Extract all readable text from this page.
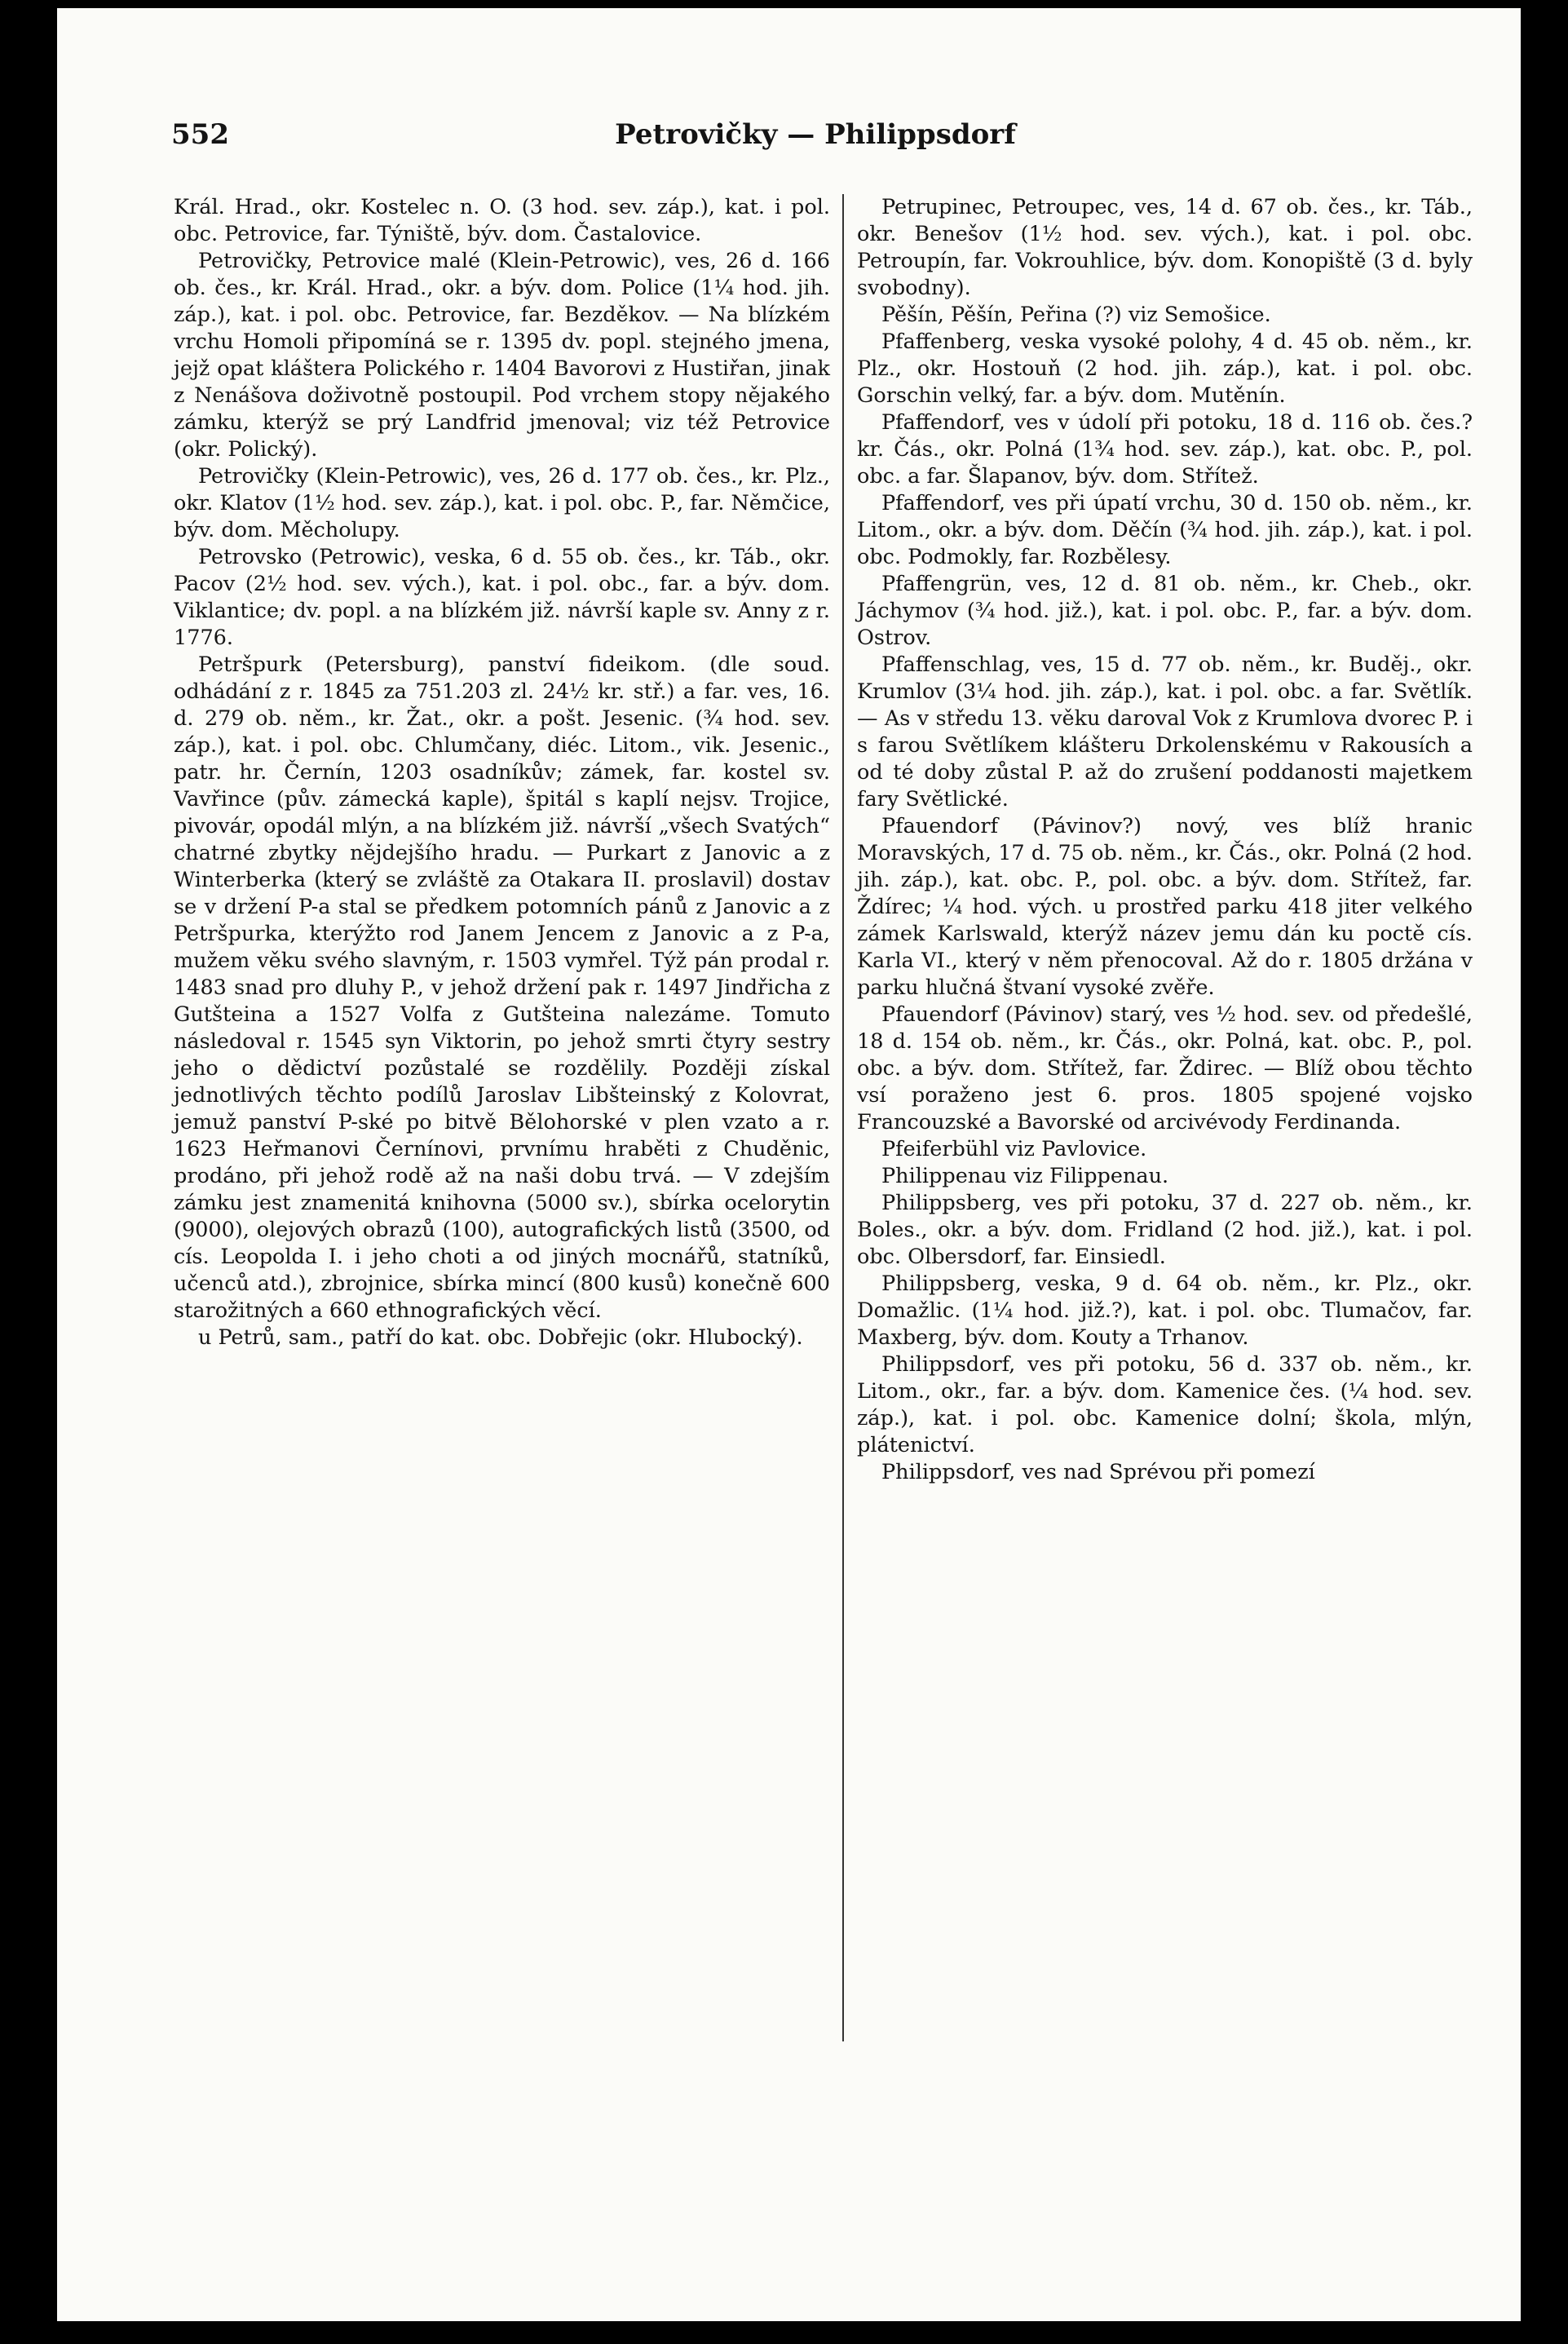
552	Petrovičky — Philippsdorf

Král. Hrad., okr. Kostelec n. O. (3 hod. sev. záp.), kat. i pol. obc. Petrovice, far. Týniště, býv. dom. Častalovice.

Petrovičky, Petrovice malé (Klein-Petrowic), ves, 26 d. 166 ob. čes., kr. Král. Hrad., okr. a býv. dom. Police (1¼ hod. jih. záp.), kat. i pol. obc. Petrovice, far. Bezděkov. — Na blízkém vrchu Homoli připomíná se r. 1395 dv. popl. stejného jmena, jejž opat kláštera Polického r. 1404 Bavorovi z Hustiřan, jinak z Nenášova doživotně postoupil. Pod vrchem stopy nějakého zámku, kterýž se prý Landfrid jmenoval; viz též Petrovice (okr. Polický).

Petrovičky (Klein-Petrowic), ves, 26 d. 177 ob. čes., kr. Plz., okr. Klatov (1½ hod. sev. záp.), kat. i pol. obc. P., far. Němčice, býv. dom. Měcholupy.

Petrovsko (Petrowic), veska, 6 d. 55 ob. čes., kr. Táb., okr. Pacov (2½ hod. sev. vých.), kat. i pol. obc., far. a býv. dom. Viklantice; dv. popl. a na blízkém již. návrší kaple sv. Anny z r. 1776.

Petršpurk (Petersburg), panství fideikom. (dle soud. odhádání z r. 1845 za 751.203 zl. 24½ kr. stř.) a far. ves, 16. d. 279 ob. něm., kr. Žat., okr. a pošt. Jesenic. (¾ hod. sev. záp.), kat. i pol. obc. Chlumčany, diéc. Litom., vik. Jesenic., patr. hr. Černín, 1203 osadníkův; zámek, far. kostel sv. Vavřince (pův. zámecká kaple), špitál s kaplí nejsv. Trojice, pivovár, opodál mlýn, a na blízkém již. návrší „všech Svatých“ chatrné zbytky nějdejšího hradu. — Purkart z Janovic a z Winterberka (který se zvláště za Otakara II. proslavil) dostav se v držení P-a stal se předkem potomních pánů z Janovic a z Petršpurka, kterýžto rod Janem Jencem z Janovic a z P-a, mužem věku svého slavným, r. 1503 vymřel. Týž pán prodal r. 1483 snad pro dluhy P., v jehož držení pak r. 1497 Jindřicha z Gutšteina a 1527 Volfa z Gutšteina nalezáme. Tomuto následoval r. 1545 syn Viktorin, po jehož smrti čtyry sestry jeho o dědictví pozůstalé se rozdělily. Později získal jednotlivých těchto podílů Jaroslav Libšteinský z Kolovrat, jemuž panství P-ské po bitvě Bělohorské v plen vzato a r. 1623 Heřmanovi Černínovi, prvnímu hraběti z Chuděnic, prodáno, při jehož rodě až na naši dobu trvá. — V zdejším zámku jest znamenitá knihovna (5000 sv.), sbírka ocelorytin (9000), olejových obrazů (100), autografických listů (3500, od cís. Leopolda I. i jeho choti a od jiných mocnářů, statníků, učenců atd.), zbrojnice, sbírka mincí (800 kusů) konečně 600 starožitných a 660 ethnografických věcí.

u Petrů, sam., patří do kat. obc. Dobřejic (okr. Hlubocký).

Petrupinec, Petroupec, ves, 14 d. 67 ob. čes., kr. Táb., okr. Benešov (1½ hod. sev. vých.), kat. i pol. obc. Petroupín, far. Vokrouhlice, býv. dom. Konopiště (3 d. byly svobodny).

Pěšín, Pěšín, Peřina (?) viz Semošice.

Pfaffenberg, veska vysoké polohy, 4 d. 45 ob. něm., kr. Plz., okr. Hostouň (2 hod. jih. záp.), kat. i pol. obc. Gorschin velký, far. a býv. dom. Mutěnín.

Pfaffendorf, ves v údolí při potoku, 18 d. 116 ob. čes.? kr. Čás., okr. Polná (1¾ hod. sev. záp.), kat. obc. P., pol. obc. a far. Šlapanov, býv. dom. Střítež.

Pfaffendorf, ves při úpatí vrchu, 30 d. 150 ob. něm., kr. Litom., okr. a býv. dom. Děčín (¾ hod. jih. záp.), kat. i pol. obc. Podmokly, far. Rozbělesy.

Pfaffengrün, ves, 12 d. 81 ob. něm., kr. Cheb., okr. Jáchymov (¾ hod. již.), kat. i pol. obc. P., far. a býv. dom. Ostrov.

Pfaffenschlag, ves, 15 d. 77 ob. něm., kr. Buděj., okr. Krumlov (3¼ hod. jih. záp.), kat. i pol. obc. a far. Světlík. — As v středu 13. věku daroval Vok z Krumlova dvorec P. i s farou Světlíkem klášteru Drkolenskému v Rakousích a od té doby zůstal P. až do zrušení poddanosti majetkem fary Světlické.

Pfauendorf (Pávinov?) nový, ves blíž hranic Moravských, 17 d. 75 ob. něm., kr. Čás., okr. Polná (2 hod. jih. záp.), kat. obc. P., pol. obc. a býv. dom. Střítež, far. Ždírec; ¼ hod. vých. u prostřed parku 418 jiter velkého zámek Karlswald, kterýž název jemu dán ku poctě cís. Karla VI., který v něm přenocoval. Až do r. 1805 držána v parku hlučná štvaní vysoké zvěře.

Pfauendorf (Pávinov) starý, ves ½ hod. sev. od předešlé, 18 d. 154 ob. něm., kr. Čás., okr. Polná, kat. obc. P., pol. obc. a býv. dom. Střítež, far. Ždirec. — Blíž obou těchto vsí poraženo jest 6. pros. 1805 spojené vojsko Francouzské a Bavorské od arcivévody Ferdinanda.

Pfeiferbühl viz Pavlovice.

Philippenau viz Filippenau.

Philippsberg, ves při potoku, 37 d. 227 ob. něm., kr. Boles., okr. a býv. dom. Fridland (2 hod. již.), kat. i pol. obc. Olbersdorf, far. Einsiedl.

Philippsberg, veska, 9 d. 64 ob. něm., kr. Plz., okr. Domažlic. (1¼ hod. již.?), kat. i pol. obc. Tlumačov, far. Maxberg, býv. dom. Kouty a Trhanov.

Philippsdorf, ves při potoku, 56 d. 337 ob. něm., kr. Litom., okr., far. a býv. dom. Kamenice čes. (¼ hod. sev. záp.), kat. i pol. obc. Kamenice dolní; škola, mlýn, plátenictví.

Philippsdorf, ves nad Sprévou při pomezí
